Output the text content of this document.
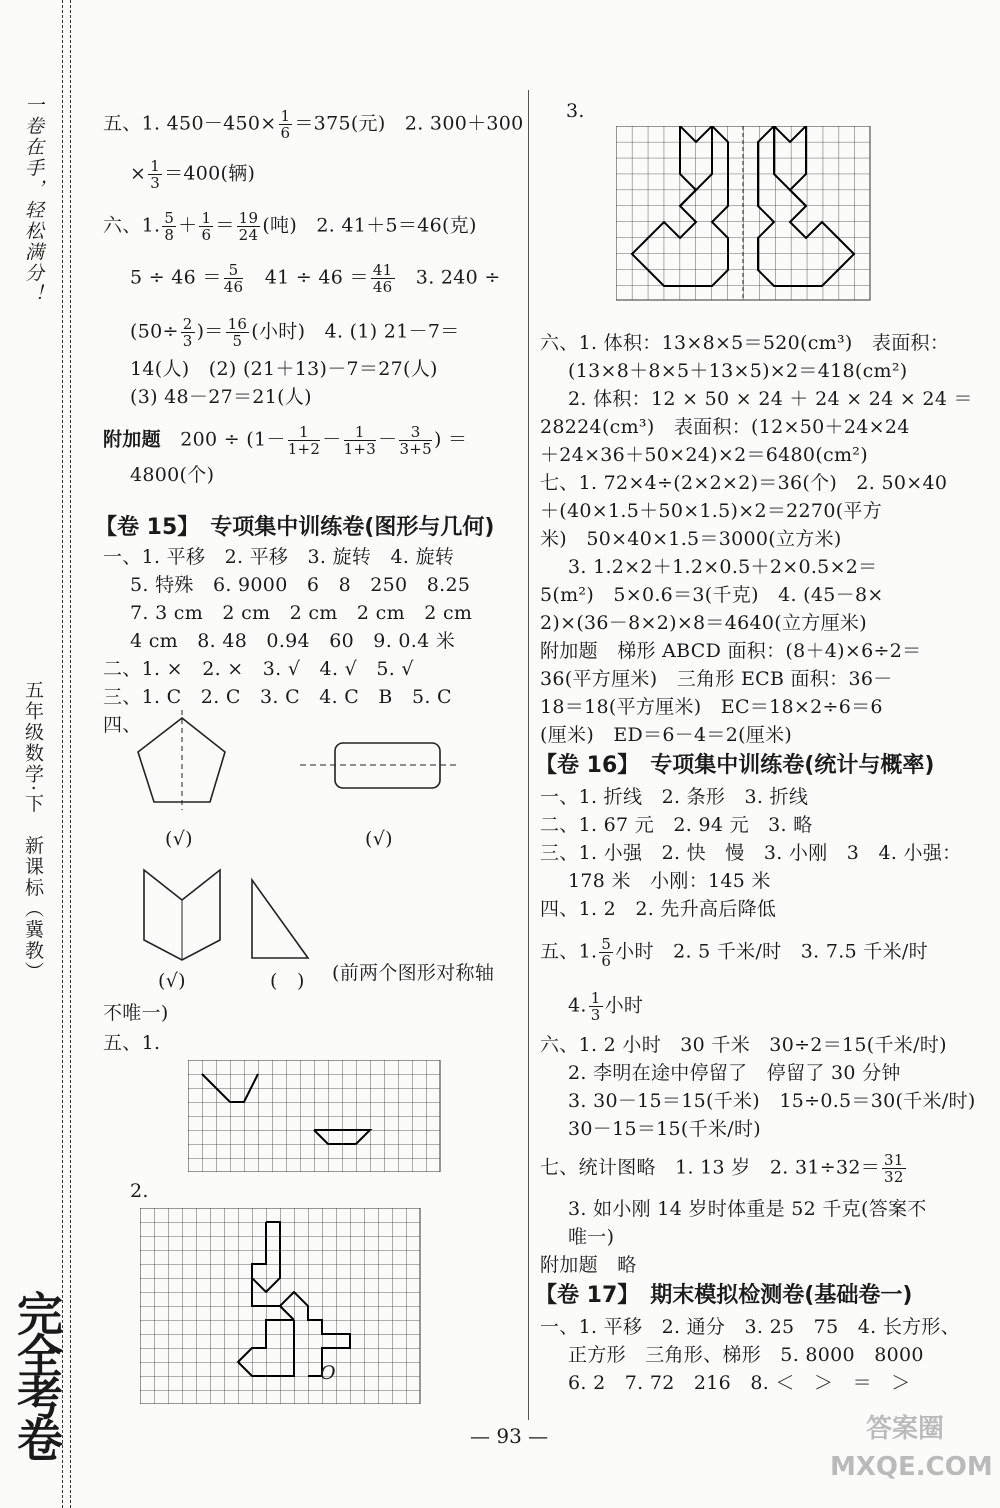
一卷在手，轻松满分！
五年级数学·下　新课标（冀教）
完全考卷
五、1. $450-450\times \frac{1}{6} =375$(元)　2. 300＋300
× $\frac{1}{3} =400$(辆)
六、1. $\frac{5}{8} + \frac{1}{6} = \frac{19}{24}$ (吨)　2. 41＋5＝46(克)
$5 \div 46 = \frac{5}{46}$ 　$41 \div 46 = \frac{41}{46}$ 　3. 240 ÷
($50\div \frac{2}{3}$ )＝ $\frac{16}{5}$ (小时)　4. (1) 21－7＝
14(人)　(2) (21＋13)－7＝27(人)
(3) 48－27＝21(人)
附加题　 $200 \div (1- \frac{1}{1+2} - \frac{1}{1+3} - \frac{3}{3+5}$ ) ＝
4800(个)
【卷 15】　 专项集中训练卷(图形与几何)
一、1. 平移　2. 平移　3. 旋转　4. 旋转
5. 特殊　6. 9000　6　8　250　8.25
7. 3 cm　2 cm　2 cm　2 cm　2 cm
4 cm　8. 48　0.94　60　9. 0.4 米
二、1. ×　2. ×　3. √　4. √　5. √
三、1. C　2. C　3. C　4. C　B　5. C
四、
(√)	(√)
(√)	(　) (前两个图形对称轴
不唯一)
五、1.
2.
O
3.
六、1. 体积：13×8×5＝520(cm³)　表面积：
(13×8＋8×5＋13×5)×2＝418(cm²)
2. 体积：12 × 50 × 24 ＋ 24 × 24 × 24 ＝
28224(cm³)　表面积：(12×50＋24×24
＋24×36＋50×24)×2＝6480(cm²)
七、1. 72×4÷(2×2×2)＝36(个)　2. 50×40
＋(40×1.5＋50×1.5)×2＝2270(平方
米)　50×40×1.5＝3000(立方米)
3. 1.2×2＋1.2×0.5＋2×0.5×2＝
5(m²)　5×0.6＝3(千克)　4. (45－8×
2)×(36－8×2)×8＝4640(立方厘米)
附加题　梯形 ABCD 面积：(8＋4)×6÷2＝
36(平方厘米)　三角形 ECB 面积：36－
18＝18(平方厘米)　EC＝18×2÷6＝6
(厘米)　ED＝6－4＝2(厘米)
【卷 16】　 专项集中训练卷(统计与概率)
一、1. 折线　2. 条形　3. 折线
二、1. 67 元　2. 94 元　3. 略
三、1. 小强　2. 快　慢　3. 小刚　3　4. 小强：
178 米　小刚：145 米
四、1. 2　2. 先升高后降低
五、1. $\frac{5}{6}$ 小时　2. 5 千米/时　3. 7.5 千米/时
4. $\frac{1}{3}$ 小时
六、1. 2 小时　30 千米　30÷2＝15(千米/时)
2. 李明在途中停留了　停留了 30 分钟
3. 30－15＝15(千米)　15÷0.5＝30(千米/时)
30－15＝15(千米/时)
七、统计图略　1. 13 岁　2. $31\div 32= \frac{31}{32}$
3. 如小刚 14 岁时体重是 52 千克(答案不
唯一)
附加题　略
【卷 17】　 期末模拟检测卷(基础卷一)
一、1. 平移　2. 通分　3. 25　75　4. 长方形、
正方形　三角形、梯形　5. 8000　8000
6. 2　7. 72　216　8. ＜　＞　＝　＞
— 93 —	答案圈 MXQE.COM
